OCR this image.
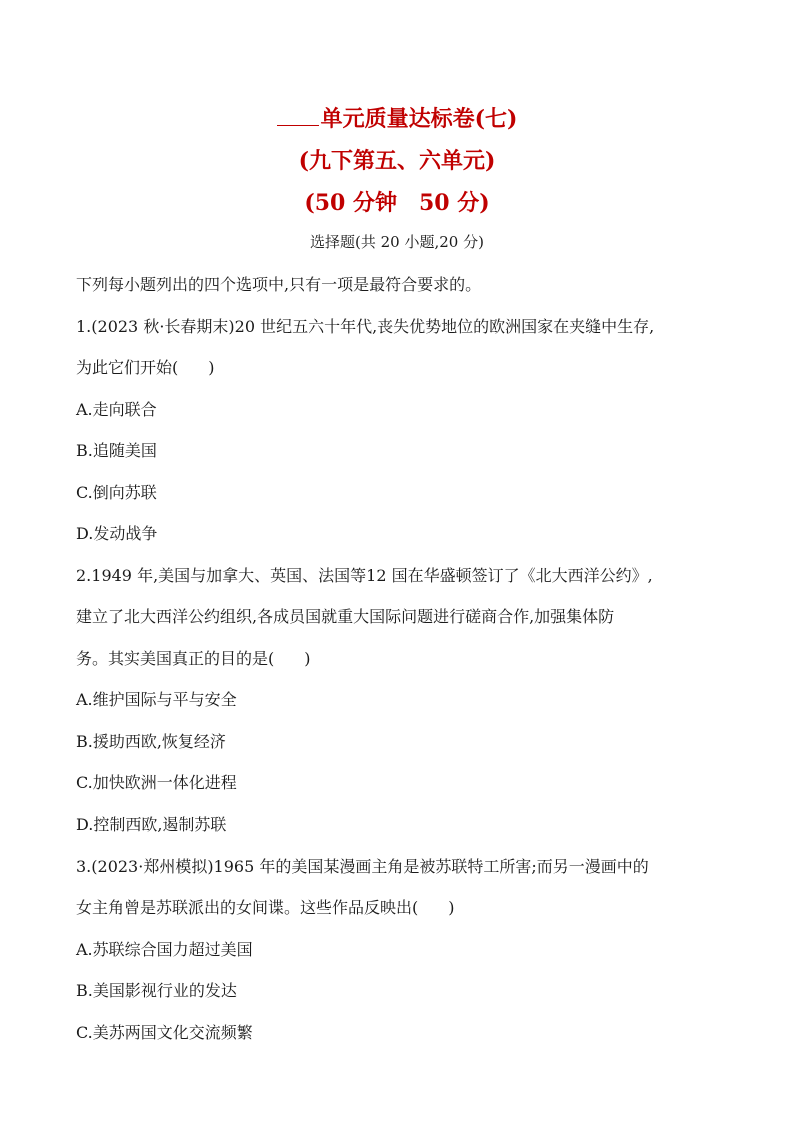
单元质量达标卷(七)
(九下第五、六单元)
(50 分钟 50 分)
选择题(共 20 小题,20 分)
下列每小题列出的四个选项中,只有一项是最符合要求的。
1.(2023 秋·长春期末)20 世纪五六十年代,丧失优势地位的欧洲国家在夹缝中生存,
为此它们开始( )
A.走向联合
B.追随美国
C.倒向苏联
D.发动战争
2.1949 年,美国与加拿大、英国、法国等12 国在华盛顿签订了《北大西洋公约》,
建立了北大西洋公约组织,各成员国就重大国际问题进行磋商合作,加强集体防
务。其实美国真正的目的是( )
A.维护国际与平与安全
B.援助西欧,恢复经济
C.加快欧洲一体化进程
D.控制西欧,遏制苏联
3.(2023·郑州模拟)1965 年的美国某漫画主角是被苏联特工所害;而另一漫画中的
女主角曾是苏联派出的女间谍。这些作品反映出( )
A.苏联综合国力超过美国
B.美国影视行业的发达
C.美苏两国文化交流频繁
